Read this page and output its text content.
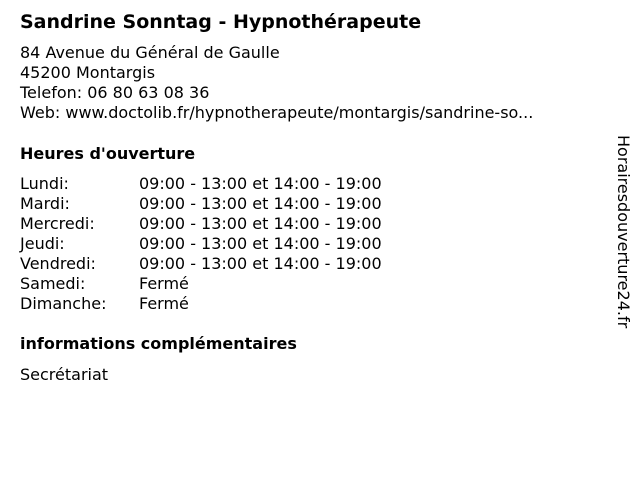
Sandrine Sonntag - Hypnothérapeute
84 Avenue du Général de Gaulle
45200 Montargis
Telefon: 06 80 63 08 36
Web: www.doctolib.fr/hypnotherapeute/montargis/sandrine-so...
Heures d'ouverture
Lundi:	09:00 - 13:00 et 14:00 - 19:00
Mardi:	09:00 - 13:00 et 14:00 - 19:00
Mercredi:	09:00 - 13:00 et 14:00 - 19:00
Jeudi:	09:00 - 13:00 et 14:00 - 19:00
Vendredi:	09:00 - 13:00 et 14:00 - 19:00
Samedi:	Fermé
Dimanche: Fermé
informations complémentaires
Secrétariat
Horairesdouverture24.fr
